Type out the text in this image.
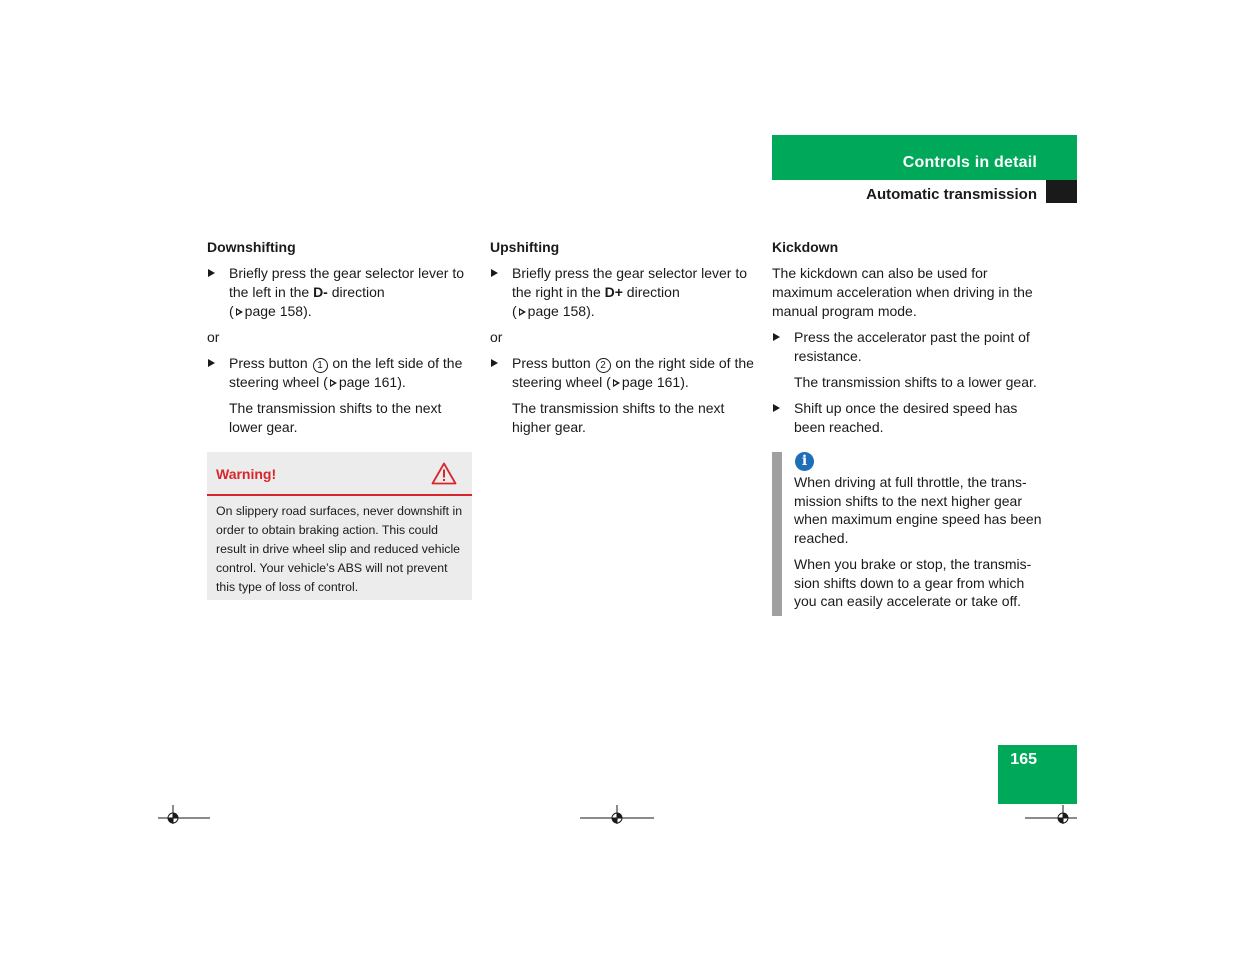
Controls in detail
Automatic transmission
Downshifting
Briefly press the gear selector lever to the left in the D- direction
( page 158).
or
Press button 1 on the left side of the steering wheel ( page 161).
The transmission shifts to the next lower gear.
Warning!
On slippery road surfaces, never downshift in order to obtain braking action. This could result in drive wheel slip and reduced vehicle control. Your vehicle’s ABS will not prevent this type of loss of control.
Upshifting
Briefly press the gear selector lever to the right in the D+ direction
( page 158).
or
Press button 2 on the right side of the steering wheel ( page 161).
The transmission shifts to the next higher gear.
Kickdown
The kickdown can also be used for maximum acceleration when driving in the manual program mode.
Press the accelerator past the point of resistance.
The transmission shifts to a lower gear.
Shift up once the desired speed has been reached.
i

When driving at full throttle, the trans-mission shifts to the next higher gear when maximum engine speed has been reached.

When you brake or stop, the transmis-sion shifts down to a gear from which you can easily accelerate or take off.

165
